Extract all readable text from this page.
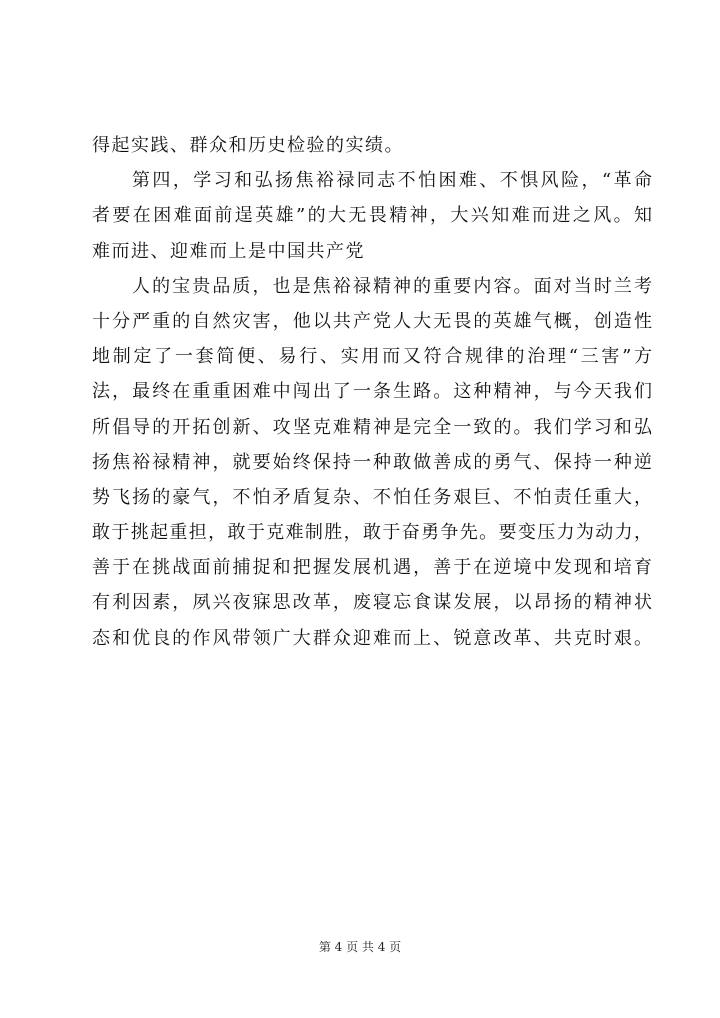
得起实践、群众和历史检验的实绩。
第四，学习和弘扬焦裕禄同志不怕困难、不惧风险，“革命
者要在困难面前逞英雄”的大无畏精神，大兴知难而进之风。知
难而进、迎难而上是中国共产党
人的宝贵品质，也是焦裕禄精神的重要内容。面对当时兰考
十分严重的自然灾害，他以共产党人大无畏的英雄气概，创造性
地制定了一套简便、易行、实用而又符合规律的治理“三害”方
法，最终在重重困难中闯出了一条生路。这种精神，与今天我们
所倡导的开拓创新、攻坚克难精神是完全一致的。我们学习和弘
扬焦裕禄精神，就要始终保持一种敢做善成的勇气、保持一种逆
势飞扬的豪气，不怕矛盾复杂、不怕任务艰巨、不怕责任重大，
敢于挑起重担，敢于克难制胜，敢于奋勇争先。要变压力为动力，
善于在挑战面前捕捉和把握发展机遇，善于在逆境中发现和培育
有利因素，夙兴夜寐思改革，废寝忘食谋发展，以昂扬的精神状
态和优良的作风带领广大群众迎难而上、锐意改革、共克时艰。
第 4 页 共 4 页
